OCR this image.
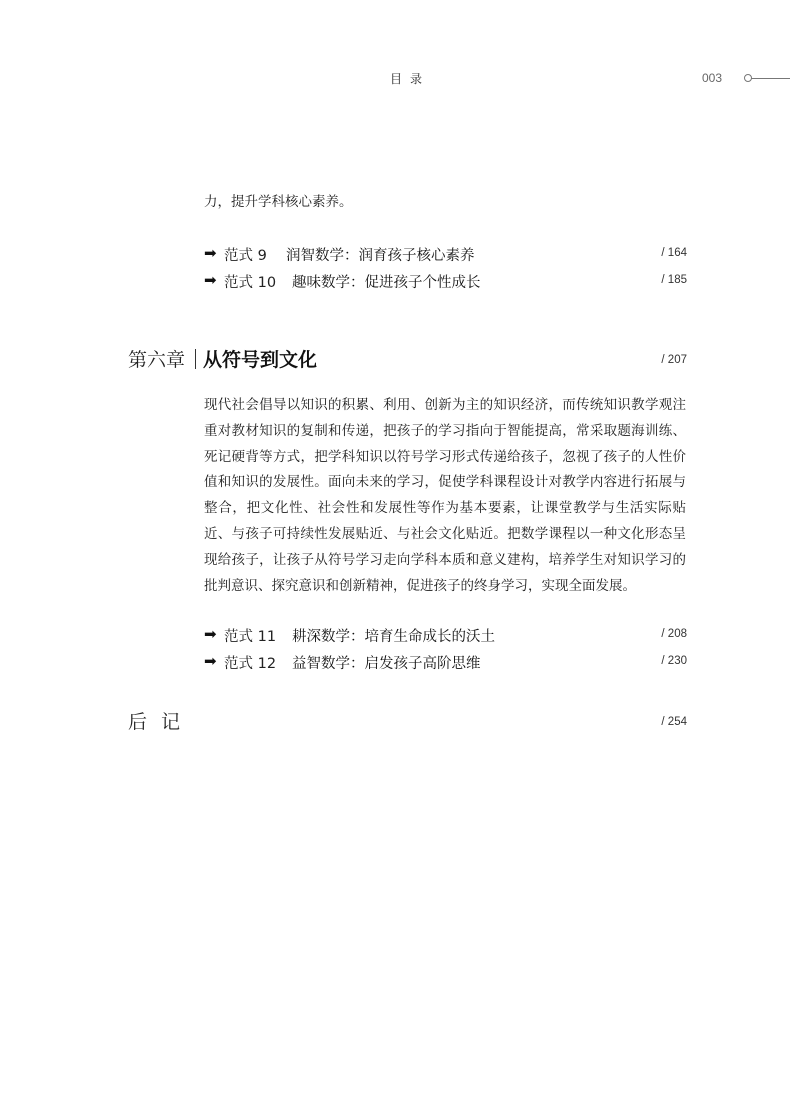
目录	003
力，提升学科核心素养。
➡ 范式 9 润智数学：润育孩子核心素养	/ 164
➡ 范式 10 趣味数学：促进孩子个性成长	/ 185
第六章 从符号到文化	/ 207
现代社会倡导以知识的积累、利用、创新为主的知识经济，而传统知识教学观注重对教材知识的复制和传递，把孩子的学习指向于智能提高，常采取题海训练、死记硬背等方式，把学科知识以符号学习形式传递给孩子，忽视了孩子的人性价值和知识的发展性。面向未来的学习，促使学科课程设计对教学内容进行拓展与整合，把文化性、社会性和发展性等作为基本要素，让课堂教学与生活实际贴近、与孩子可持续性发展贴近、与社会文化贴近。把数学课程以一种文化形态呈现给孩子，让孩子从符号学习走向学科本质和意义建构，培养学生对知识学习的批判意识、探究意识和创新精神，促进孩子的终身学习，实现全面发展。
➡ 范式 11 耕深数学：培育生命成长的沃土	/ 208
➡ 范式 12 益智数学：启发孩子高阶思维	/ 230
后记	/ 254
